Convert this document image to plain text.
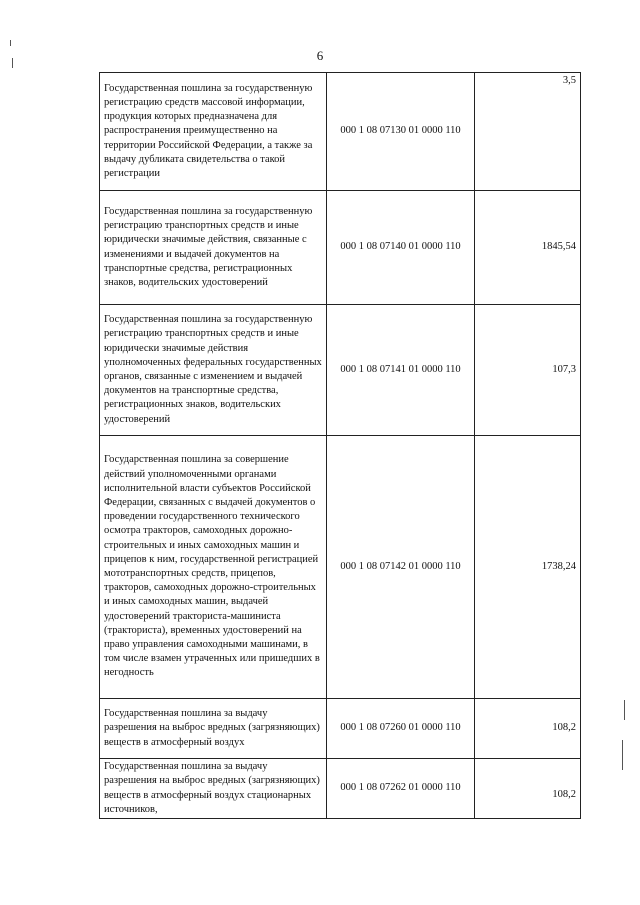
6
Государственная пошлина за государственную регистрацию средств массовой информации, продукция которых предназначена для распространения преимущественно на территории Российской Федерации, а также за выдачу дубликата свидетельства о такой регистрации	000 1 08 07130 01 0000 110	3,5
Государственная пошлина за государственную регистрацию транспортных средств и иные юридически значимые действия, связанные с изменениями и выдачей документов на транспортные средства, регистрационных знаков, водительских удостоверений	000 1 08 07140 01 0000 110	1845,54
Государственная пошлина за государственную регистрацию транспортных средств и иные юридически значимые действия уполномоченных федеральных государственных органов, связанные с изменением и выдачей документов на транспортные средства, регистрационных знаков, водительских удостоверений	000 1 08 07141 01 0000 110	107,3
Государственная пошлина за совершение действий уполномоченными органами исполнительной власти субъектов Российской Федерации, связанных с выдачей документов о проведении государственного технического осмотра тракторов, самоходных дорожно-строительных и иных самоходных машин и прицепов к ним, государственной регистрацией мототранспортных средств, прицепов, тракторов, самоходных дорожно-строительных и иных самоходных машин, выдачей удостоверений тракториста-машиниста (тракториста), временных удостоверений на право управления самоходными машинами, в том числе взамен утраченных или пришедших в негодность	000 1 08 07142 01 0000 110	1738,24
Государственная пошлина за выдачу разрешения на выброс вредных (загрязняющих) веществ в атмосферный воздух	000 1 08 07260 01 0000 110	108,2
Государственная пошлина за выдачу разрешения на выброс вредных (загрязняющих) веществ в атмосферный воздух стационарных источников,	000 1 08 07262 01 0000 110	108,2
